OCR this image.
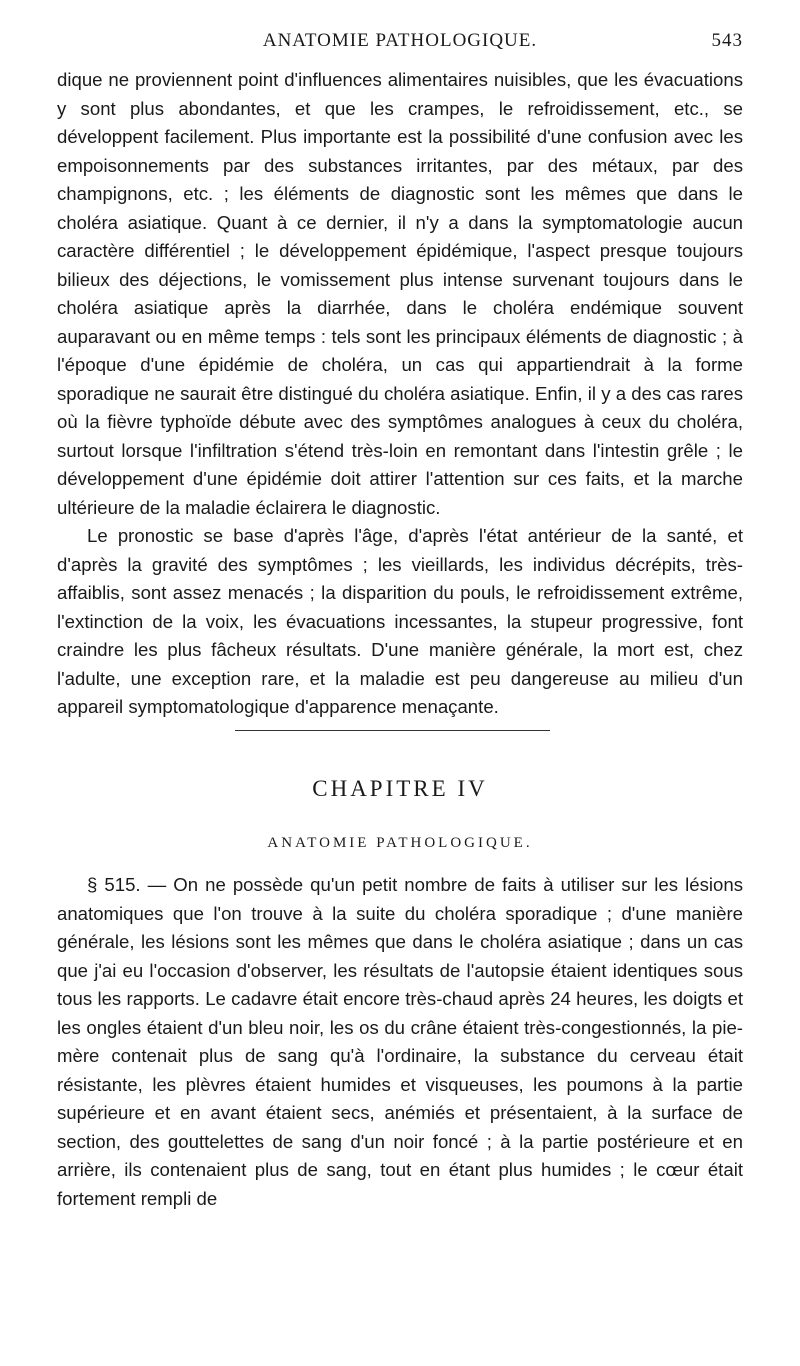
ANATOMIE PATHOLOGIQUE.	543

dique ne proviennent point d'influences alimentaires nuisibles, que les évacuations y sont plus abondantes, et que les crampes, le refroidissement, etc., se développent facilement. Plus importante est la possibilité d'une confusion avec les empoisonnements par des substances irritantes, par des métaux, par des champignons, etc. ; les éléments de diagnostic sont les mêmes que dans le choléra asiatique. Quant à ce dernier, il n'y a dans la symptomatologie aucun caractère différentiel ; le développement épidémique, l'aspect presque toujours bilieux des déjections, le vomissement plus intense survenant toujours dans le choléra asiatique après la diarrhée, dans le choléra endémique souvent auparavant ou en même temps : tels sont les principaux éléments de diagnostic ; à l'époque d'une épidémie de choléra, un cas qui appartiendrait à la forme sporadique ne saurait être distingué du choléra asiatique. Enfin, il y a des cas rares où la fièvre typhoïde débute avec des symptômes analogues à ceux du choléra, surtout lorsque l'infiltration s'étend très-loin en remontant dans l'intestin grêle ; le développement d'une épidémie doit attirer l'attention sur ces faits, et la marche ultérieure de la maladie éclairera le diagnostic.

Le pronostic se base d'après l'âge, d'après l'état antérieur de la santé, et d'après la gravité des symptômes ; les vieillards, les individus décrépits, très-affaiblis, sont assez menacés ; la disparition du pouls, le refroidissement extrême, l'extinction de la voix, les évacuations incessantes, la stupeur progressive, font craindre les plus fâcheux résultats. D'une manière générale, la mort est, chez l'adulte, une exception rare, et la maladie est peu dangereuse au milieu d'un appareil symptomatologique d'apparence menaçante.

CHAPITRE IV
ANATOMIE PATHOLOGIQUE.

§ 515. — On ne possède qu'un petit nombre de faits à utiliser sur les lésions anatomiques que l'on trouve à la suite du choléra sporadique ; d'une manière générale, les lésions sont les mêmes que dans le choléra asiatique ; dans un cas que j'ai eu l'occasion d'observer, les résultats de l'autopsie étaient identiques sous tous les rapports. Le cadavre était encore très-chaud après 24 heures, les doigts et les ongles étaient d'un bleu noir, les os du crâne étaient très-congestionnés, la pie-mère contenait plus de sang qu'à l'ordinaire, la substance du cerveau était résistante, les plèvres étaient humides et visqueuses, les poumons à la partie supérieure et en avant étaient secs, anémiés et présentaient, à la surface de section, des gouttelettes de sang d'un noir foncé ; à la partie postérieure et en arrière, ils contenaient plus de sang, tout en étant plus humides ; le cœur était fortement rempli de
